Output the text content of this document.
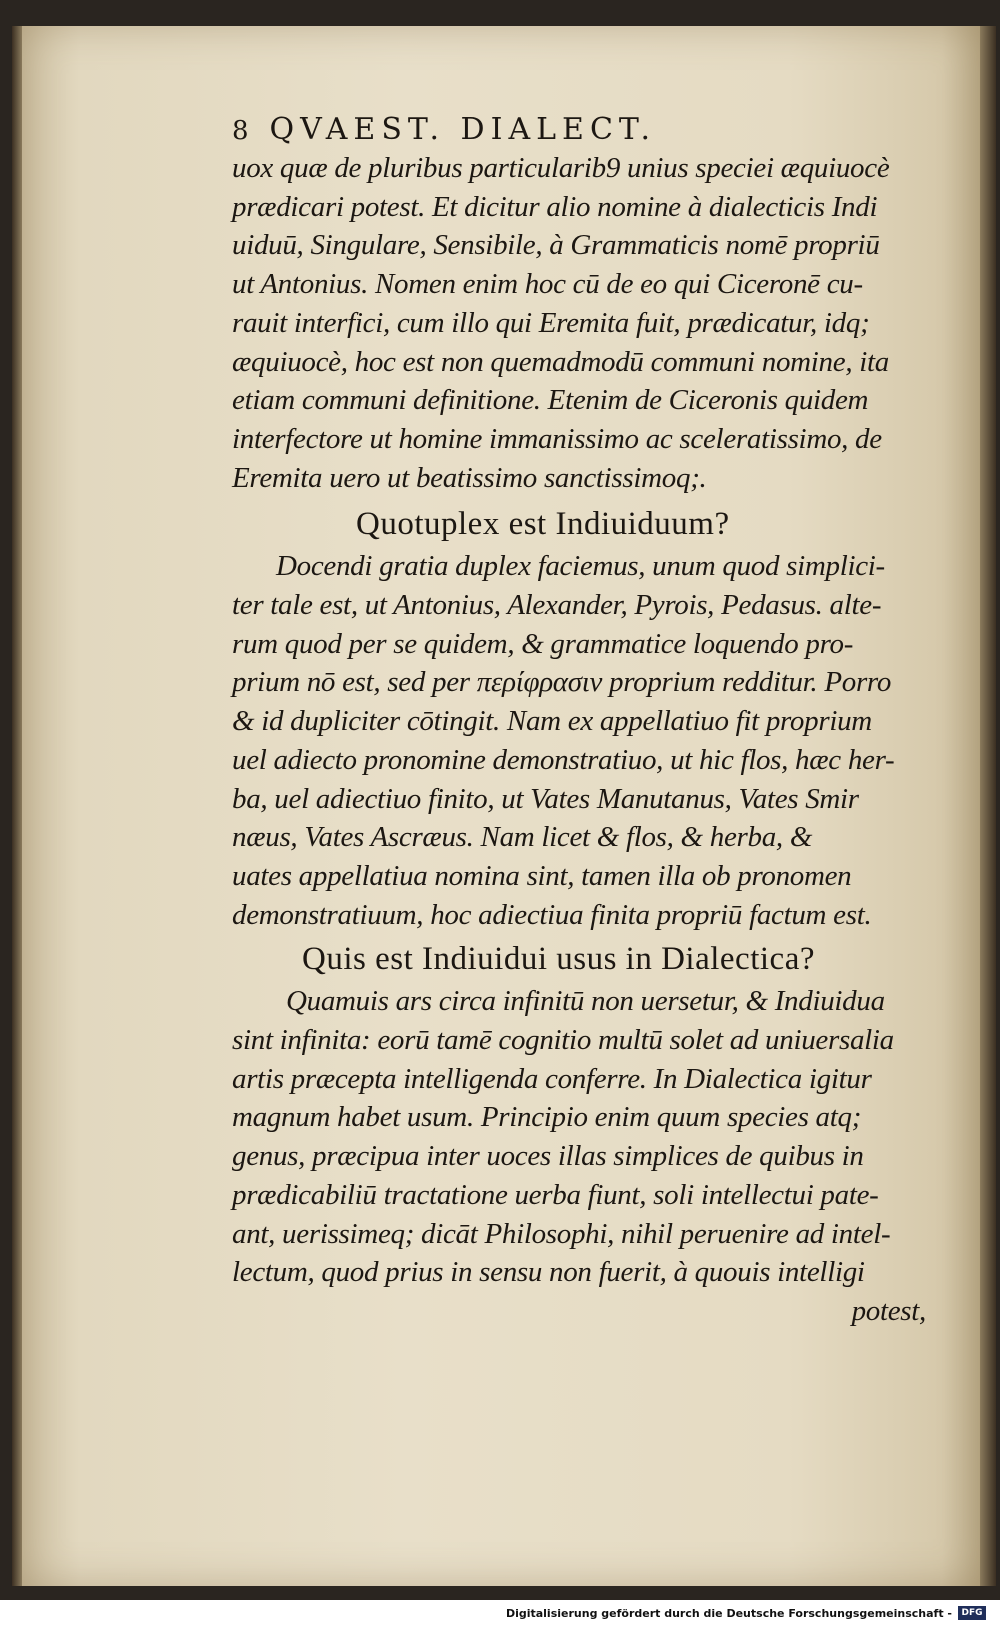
8 QVAEST. DIALECT.
uox quæ de pluribus particularib9 unius speciei æquiuocè
prædicari potest. Et dicitur alio nomine à dialecticis Indi
uiduū, Singulare, Sensibile, à Grammaticis nomē propriū
ut Antonius. Nomen enim hoc cū de eo qui Ciceronē cu-
rauit interfici, cum illo qui Eremita fuit, prædicatur, idq;
æquiuocè, hoc est non quemadmodū communi nomine, ita
etiam communi definitione. Etenim de Ciceronis quidem
interfectore ut homine immanissimo ac sceleratissimo, de
Eremita uero ut beatissimo sanctissimoq;.
Quotuplex est Indiuiduum?
Docendi gratia duplex faciemus, unum quod simplici-
ter tale est, ut Antonius, Alexander, Pyrois, Pedasus. alte-
rum quod per se quidem, & grammatice loquendo pro-
prium nō est, sed per περίφρασιν proprium redditur. Porro
& id dupliciter cōtingit. Nam ex appellatiuo fit proprium
uel adiecto pronomine demonstratiuo, ut hic flos, hæc her-
ba, uel adiectiuo finito, ut Vates Manutanus, Vates Smir
næus, Vates Ascræus. Nam licet & flos, & herba, &
uates appellatiua nomina sint, tamen illa ob pronomen
demonstratiuum, hoc adiectiua finita propriū factum est.
Quis est Indiuidui usus in Dialectica?
Quamuis ars circa infinitū non uersetur, & Indiuidua
sint infinita: eorū tamē cognitio multū solet ad uniuersalia
artis præcepta intelligenda conferre. In Dialectica igitur
magnum habet usum. Principio enim quum species atq;
genus, præcipua inter uoces illas simplices de quibus in
prædicabiliū tractatione uerba fiunt, soli intellectui pate-
ant, uerissimeq; dicāt Philosophi, nihil peruenire ad intel-
lectum, quod prius in sensu non fuerit, à quouis intelligi
potest,
Digitalisierung gefördert durch die Deutsche Forschungsgemeinschaft -	DFG
